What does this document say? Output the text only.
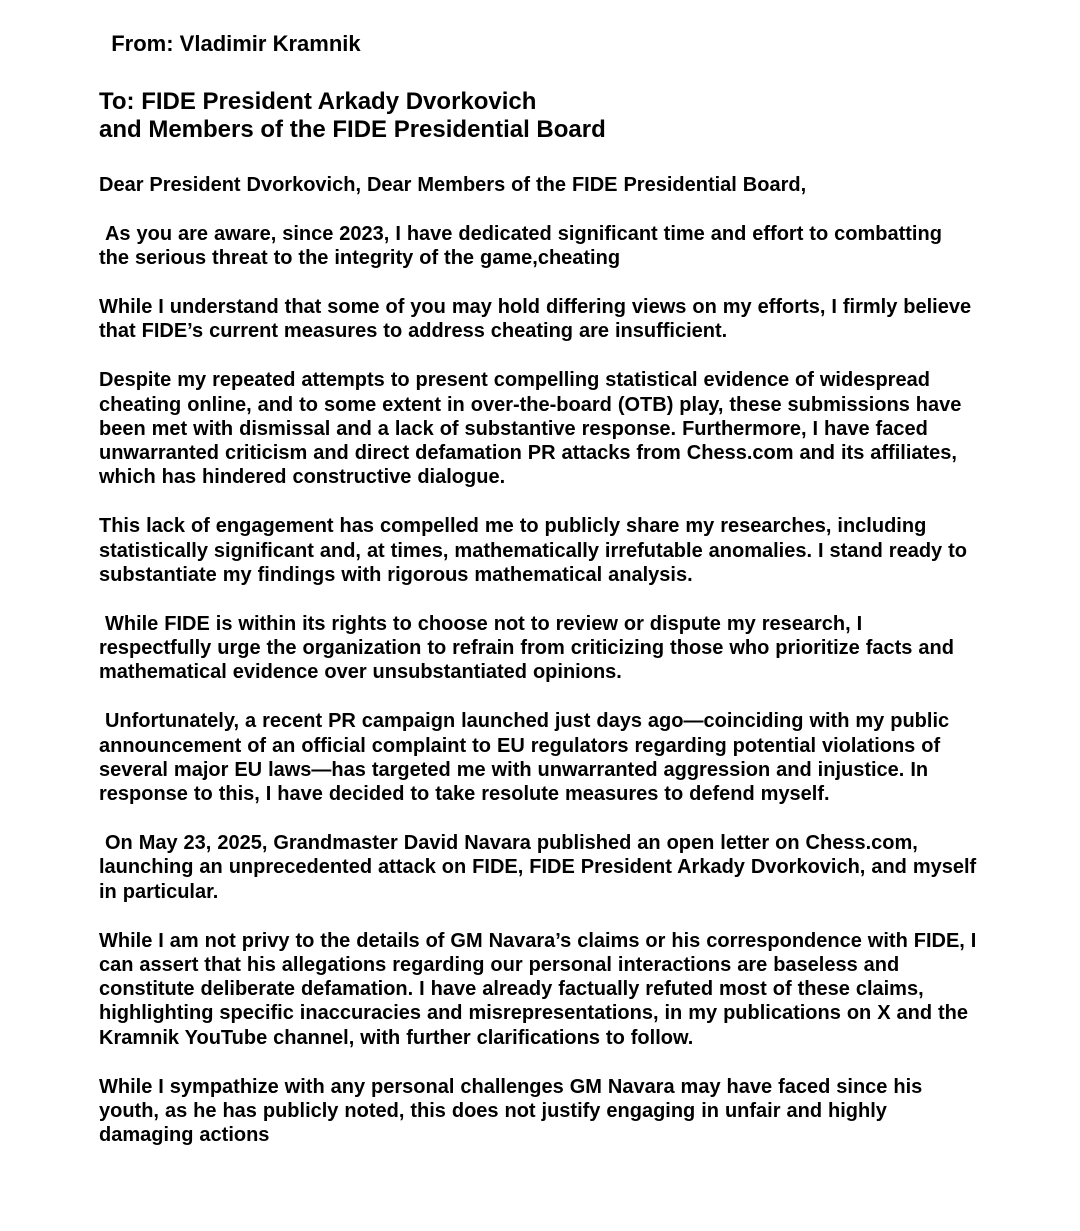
From: Vladimir Kramnik
To: FIDE President Arkady Dvorkovich
and Members of the FIDE Presidential Board

Dear President Dvorkovich, Dear Members of the FIDE Presidential Board,

As you are aware, since 2023, I have dedicated significant time and effort to combatting the serious threat to the integrity of the game,cheating

While I understand that some of you may hold differing views on my efforts, I firmly believe that FIDE’s current measures to address cheating are insufficient.

Despite my repeated attempts to present compelling statistical evidence of widespread cheating online, and to some extent in over-the-board (OTB) play, these submissions have been met with dismissal and a lack of substantive response. Furthermore, I have faced unwarranted criticism and direct defamation PR attacks from Chess.com and its affiliates, which has hindered constructive dialogue.

This lack of engagement has compelled me to publicly share my researches, including statistically significant and, at times, mathematically irrefutable anomalies. I stand ready to substantiate my findings with rigorous mathematical analysis.

While FIDE is within its rights to choose not to review or dispute my research, I respectfully urge the organization to refrain from criticizing those who prioritize facts and mathematical evidence over unsubstantiated opinions.

Unfortunately, a recent PR campaign launched just days ago—coinciding with my public announcement of an official complaint to EU regulators regarding potential violations of several major EU laws—has targeted me with unwarranted aggression and injustice. In response to this, I have decided to take resolute measures to defend myself.

On May 23, 2025, Grandmaster David Navara published an open letter on Chess.com, launching an unprecedented attack on FIDE, FIDE President Arkady Dvorkovich, and myself in particular.

While I am not privy to the details of GM Navara’s claims or his correspondence with FIDE, I can assert that his allegations regarding our personal interactions are baseless and constitute deliberate defamation. I have already factually refuted most of these claims, highlighting specific inaccuracies and misrepresentations, in my publications on X and the Kramnik YouTube channel, with further clarifications to follow.

While I sympathize with any personal challenges GM Navara may have faced since his youth, as he has publicly noted, this does not justify engaging in unfair and highly damaging actions
